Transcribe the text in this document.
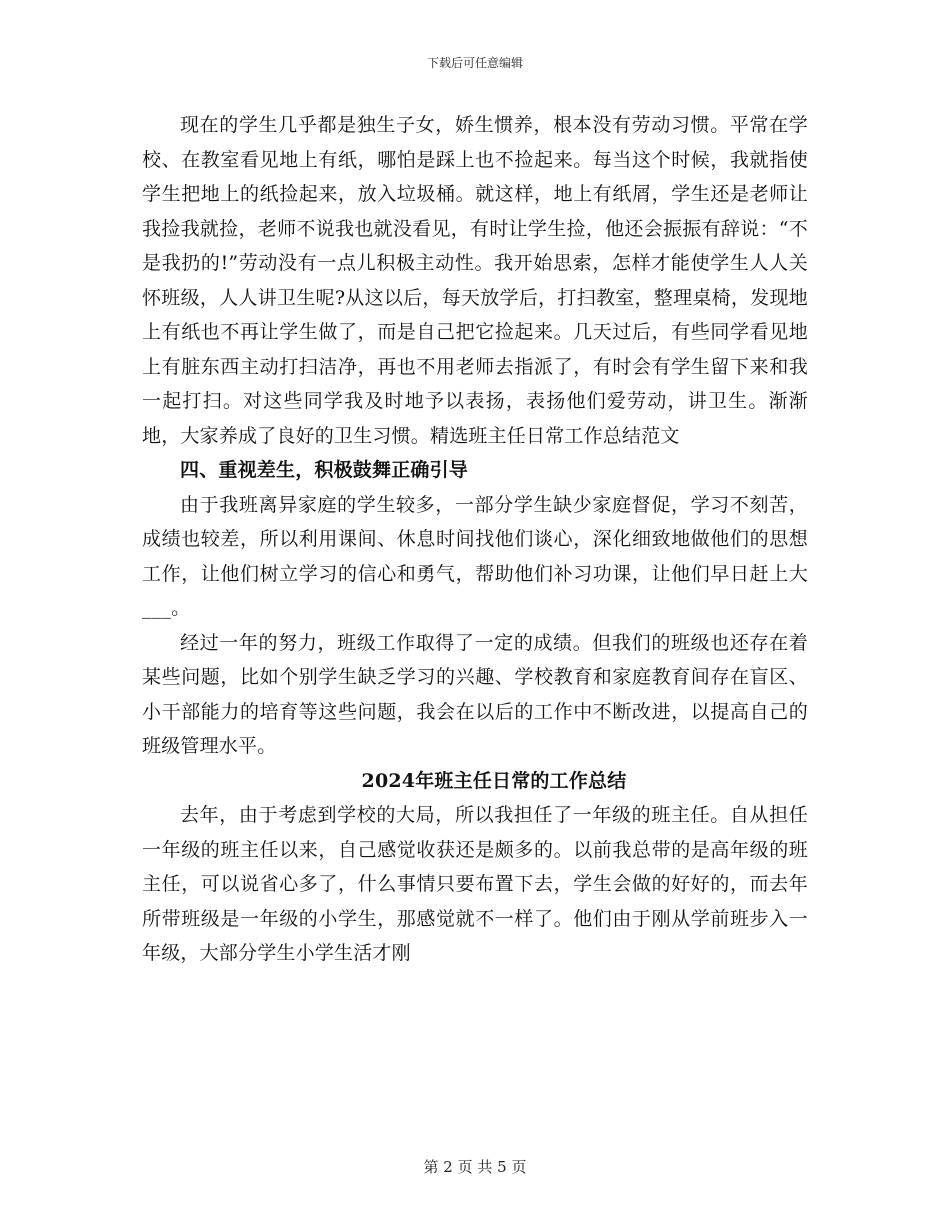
下载后可任意编辑

现在的学生几乎都是独生子女，娇生惯养，根本没有劳动习惯。平常在学校、在教室看见地上有纸，哪怕是踩上也不捡起来。每当这个时候，我就指使学生把地上的纸捡起来，放入垃圾桶。就这样，地上有纸屑，学生还是老师让我捡我就捡，老师不说我也就没看见，有时让学生捡，他还会振振有辞说：“不是我扔的!”劳动没有一点儿积极主动性。我开始思索，怎样才能使学生人人关怀班级，人人讲卫生呢?从这以后，每天放学后，打扫教室，整理桌椅，发现地上有纸也不再让学生做了，而是自己把它捡起来。几天过后，有些同学看见地上有脏东西主动打扫洁净，再也不用老师去指派了，有时会有学生留下来和我一起打扫。对这些同学我及时地予以表扬，表扬他们爱劳动，讲卫生。渐渐地，大家养成了良好的卫生习惯。精选班主任日常工作总结范文

四、重视差生，积极鼓舞正确引导

由于我班离异家庭的学生较多，一部分学生缺少家庭督促，学习不刻苦，成绩也较差，所以利用课间、休息时间找他们谈心，深化细致地做他们的思想工作，让他们树立学习的信心和勇气，帮助他们补习功课，让他们早日赶上大___。

经过一年的努力，班级工作取得了一定的成绩。但我们的班级也还存在着某些问题，比如个别学生缺乏学习的兴趣、学校教育和家庭教育间存在盲区、小干部能力的培育等这些问题，我会在以后的工作中不断改进，以提高自己的班级管理水平。

2024年班主任日常的工作总结

去年，由于考虑到学校的大局，所以我担任了一年级的班主任。自从担任一年级的班主任以来，自己感觉收获还是颇多的。以前我总带的是高年级的班主任，可以说省心多了，什么事情只要布置下去，学生会做的好好的，而去年所带班级是一年级的小学生，那感觉就不一样了。他们由于刚从学前班步入一年级，大部分学生小学生活才刚

第 2 页 共 5 页
